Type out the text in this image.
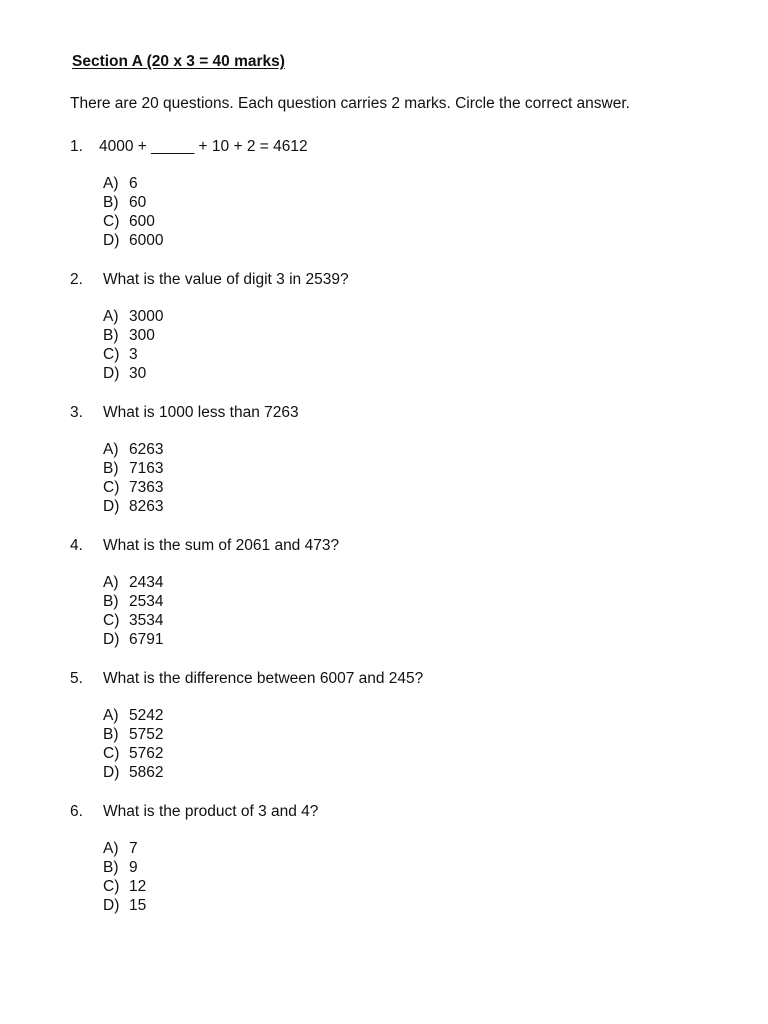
Section A (20 x 3 = 40 marks)
There are 20 questions. Each question carries 2 marks. Circle the correct answer.
1. 4000 + _____ + 10 + 2 = 4612
A) 6
B) 60
C) 600
D) 6000
2. What is the value of digit 3 in 2539?
A) 3000
B) 300
C) 3
D) 30
3. What is 1000 less than 7263
A) 6263
B) 7163
C) 7363
D) 8263
4. What is the sum of 2061 and 473?
A) 2434
B) 2534
C) 3534
D) 6791
5. What is the difference between 6007 and 245?
A) 5242
B) 5752
C) 5762
D) 5862
6. What is the product of 3 and 4?
A) 7
B) 9
C) 12
D) 15
